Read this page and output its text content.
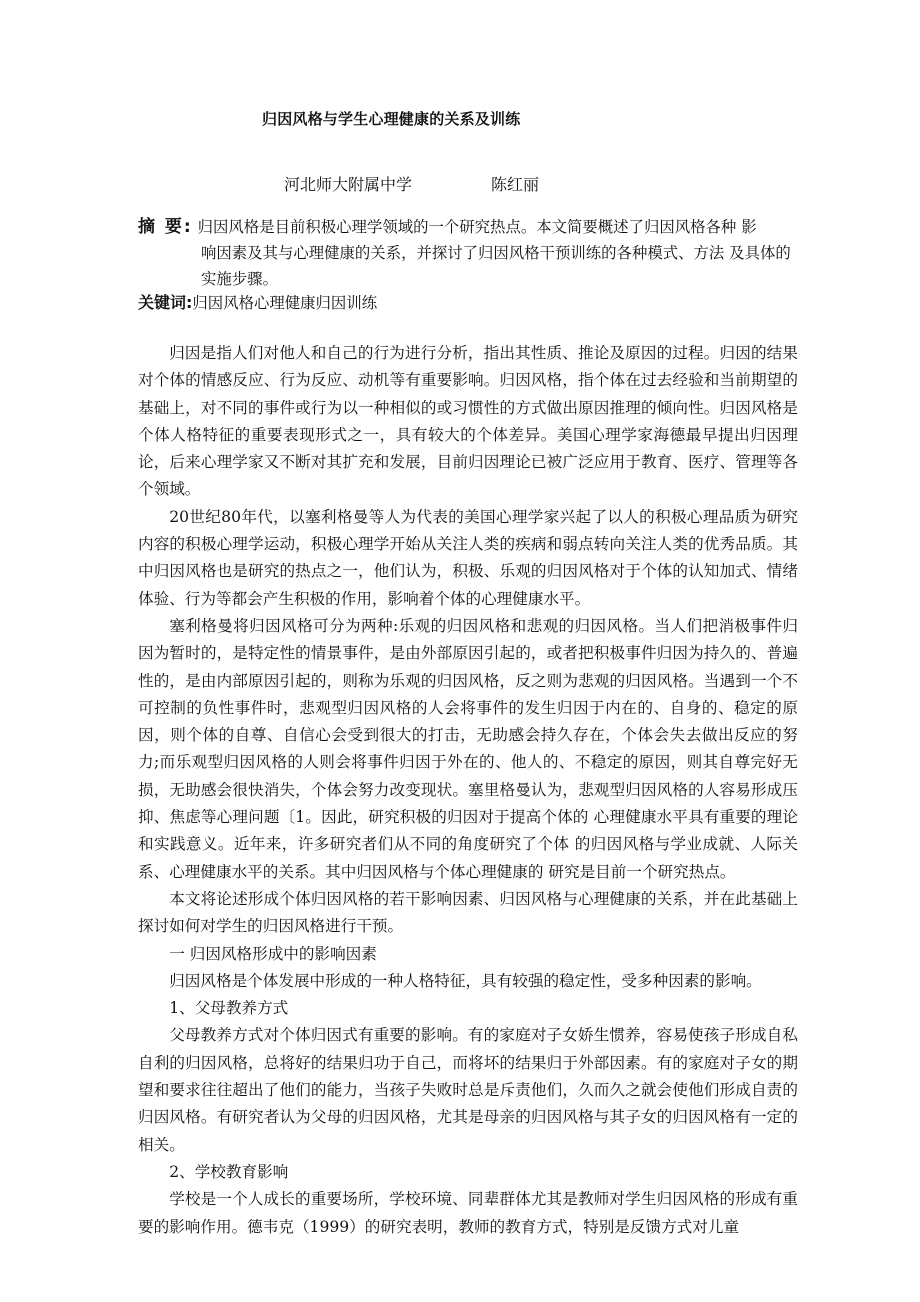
归因风格与学生心理健康的关系及训练
河北师大附属中学	陈红丽
摘 要: 归因风格是目前积极心理学领域的一个研究热点。本文简要概述了归因风格各种 影
响因素及其与心理健康的关系，并探讨了归因风格干预训练的各种模式、方法 及具体的实施步骤。
关键词:归因风格心理健康归因训练

归因是指人们对他人和自己的行为进行分析，指出其性质、推论及原因的过程。归因的结果对个体的情感反应、行为反应、动机等有重要影响。归因风格，指个体在过去经验和当前期望的基础上，对不同的事件或行为以一种相似的或习惯性的方式做出原因推理的倾向性。归因风格是个体人格特征的重要表现形式之一，具有较大的个体差异。美国心理学家海德最早提出归因理论，后来心理学家又不断对其扩充和发展，目前归因理论已被广泛应用于教育、医疗、管理等各个领域。

20世纪80年代，以塞利格曼等人为代表的美国心理学家兴起了以人的积极心理品质为研究内容的积极心理学运动，积极心理学开始从关注人类的疾病和弱点转向关注人类的优秀品质。其中归因风格也是研究的热点之一，他们认为，积极、乐观的归因风格对于个体的认知加式、情绪体验、行为等都会产生积极的作用，影响着个体的心理健康水平。

塞利格曼将归因风格可分为两种:乐观的归因风格和悲观的归因风格。当人们把消极事件归因为暂时的，是特定性的情景事件，是由外部原因引起的，或者把积极事件归因为持久的、普遍性的，是由内部原因引起的，则称为乐观的归因风格，反之则为悲观的归因风格。当遇到一个不可控制的负性事件时，悲观型归因风格的人会将事件的发生归因于内在的、自身的、稳定的原因，则个体的自尊、自信心会受到很大的打击，无助感会持久存在，个体会失去做出反应的努力;而乐观型归因风格的人则会将事件归因于外在的、他人的、不稳定的原因，则其自尊完好无损，无助感会很快消失，个体会努力改变现状。塞里格曼认为，悲观型归因风格的人容易形成压抑、焦虑等心理问题〔1。因此，研究积极的归因对于提高个体的 心理健康水平具有重要的理论和实践意义。近年来，许多研究者们从不同的角度研究了个体 的归因风格与学业成就、人际关系、心理健康水平的关系。其中归因风格与个体心理健康的 研究是目前一个研究热点。

本文将论述形成个体归因风格的若干影响因素、归因风格与心理健康的关系，并在此基础上探讨如何对学生的归因风格进行干预。

一 归因风格形成中的影响因素

归因风格是个体发展中形成的一种人格特征，具有较强的稳定性，受多种因素的影响。

1、父母教养方式

父母教养方式对个体归因式有重要的影响。有的家庭对子女娇生惯养，容易使孩子形成自私自利的归因风格，总将好的结果归功于自己，而将坏的结果归于外部因素。有的家庭对子女的期望和要求往往超出了他们的能力，当孩子失败时总是斥责他们，久而久之就会使他们形成自责的归因风格。有研究者认为父母的归因风格，尤其是母亲的归因风格与其子女的归因风格有一定的相关。

2、学校教育影响

学校是一个人成长的重要场所，学校环境、同辈群体尤其是教师对学生归因风格的形成有重要的影响作用。德韦克（1999）的研究表明，教师的教育方式，特别是反馈方式对儿童
